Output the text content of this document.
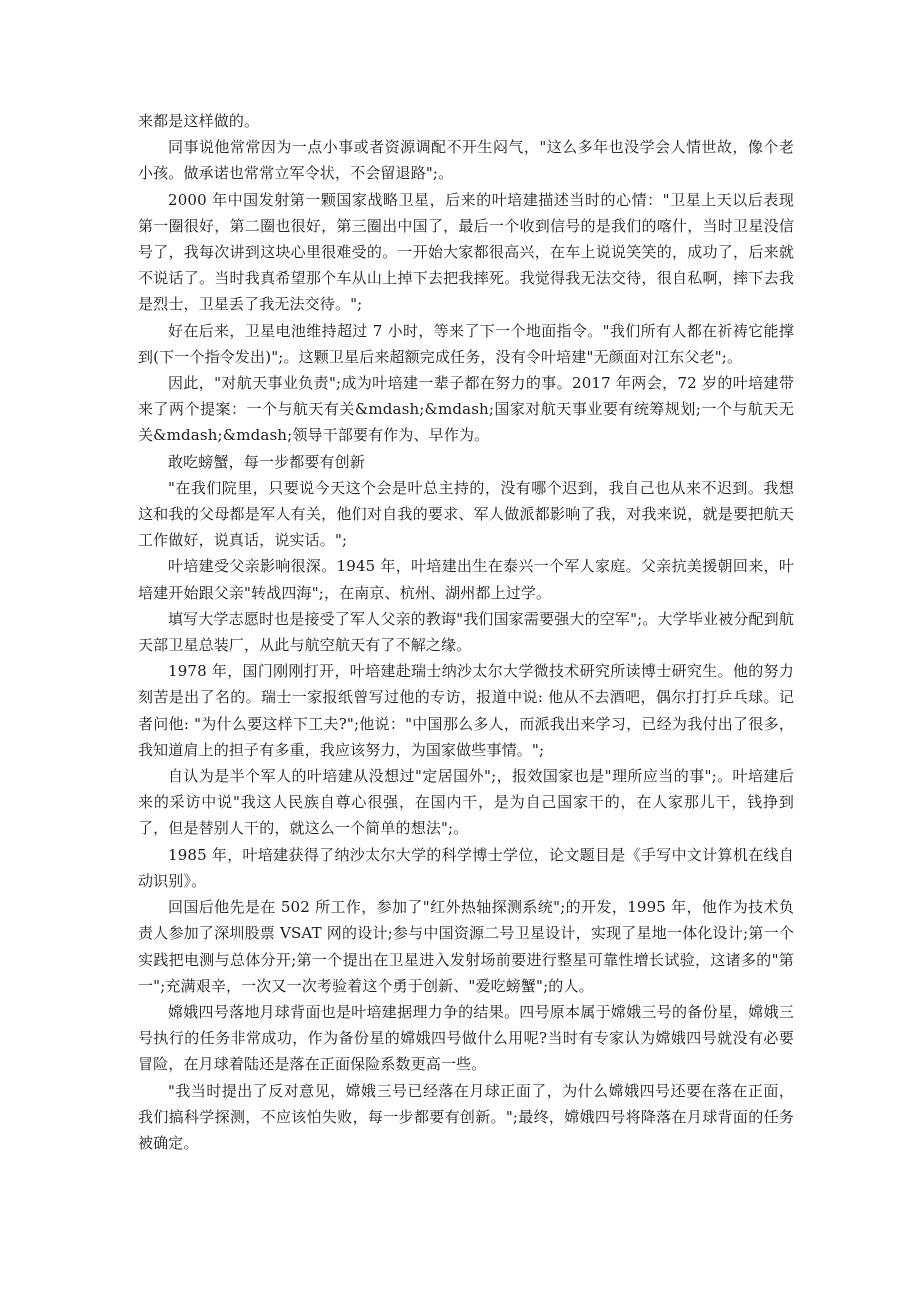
来都是这样做的。

同事说他常常因为一点小事或者资源调配不开生闷气，"这么多年也没学会人情世故，像个老小孩。做承诺也常常立军令状，不会留退路";。

2000 年中国发射第一颗国家战略卫星，后来的叶培建描述当时的心情："卫星上天以后表现第一圈很好，第二圈也很好，第三圈出中国了，最后一个收到信号的是我们的喀什，当时卫星没信号了，我每次讲到这块心里很难受的。一开始大家都很高兴，在车上说说笑笑的，成功了，后来就不说话了。当时我真希望那个车从山上掉下去把我摔死。我觉得我无法交待，很自私啊，摔下去我是烈士，卫星丢了我无法交待。";

好在后来，卫星电池维持超过 7 小时，等来了下一个地面指令。"我们所有人都在祈祷它能撑到(下一个指令发出)";。这颗卫星后来超额完成任务，没有令叶培建"无颜面对江东父老";。

因此，"对航天事业负责";成为叶培建一辈子都在努力的事。2017 年两会，72 岁的叶培建带来了两个提案：一个与航天有关&mdash;&mdash;国家对航天事业要有统筹规划;一个与航天无关&mdash;&mdash;领导干部要有作为、早作为。

敢吃螃蟹，每一步都要有创新

"在我们院里，只要说今天这个会是叶总主持的，没有哪个迟到，我自己也从来不迟到。我想这和我的父母都是军人有关，他们对自我的要求、军人做派都影响了我，对我来说，就是要把航天工作做好，说真话，说实话。";

叶培建受父亲影响很深。1945 年，叶培建出生在泰兴一个军人家庭。父亲抗美援朝回来，叶培建开始跟父亲"转战四海";，在南京、杭州、湖州都上过学。

填写大学志愿时也是接受了军人父亲的教诲"我们国家需要强大的空军";。大学毕业被分配到航天部卫星总装厂，从此与航空航天有了不解之缘。

1978 年，国门刚刚打开，叶培建赴瑞士纳沙太尔大学微技术研究所读博士研究生。他的努力刻苦是出了名的。瑞士一家报纸曾写过他的专访，报道中说: 他从不去酒吧，偶尔打打乒乓球。记者问他: "为什么要这样下工夫?";他说："中国那么多人，而派我出来学习，已经为我付出了很多，我知道肩上的担子有多重，我应该努力，为国家做些事情。";

自认为是半个军人的叶培建从没想过"定居国外";，报效国家也是"理所应当的事";。叶培建后来的采访中说"我这人民族自尊心很强，在国内干，是为自己国家干的，在人家那儿干，钱挣到了，但是替别人干的，就这么一个简单的想法";。

1985 年，叶培建获得了纳沙太尔大学的科学博士学位，论文题目是《手写中文计算机在线自动识别》。

回国后他先是在 502 所工作，参加了"红外热轴探测系统";的开发，1995 年，他作为技术负责人参加了深圳股票 VSAT 网的设计;参与中国资源二号卫星设计，实现了星地一体化设计;第一个实践把电测与总体分开;第一个提出在卫星进入发射场前要进行整星可靠性增长试验，这诸多的"第一";充满艰辛，一次又一次考验着这个勇于创新、"爱吃螃蟹";的人。

嫦娥四号落地月球背面也是叶培建据理力争的结果。四号原本属于嫦娥三号的备份星，嫦娥三号执行的任务非常成功，作为备份星的嫦娥四号做什么用呢?当时有专家认为嫦娥四号就没有必要冒险，在月球着陆还是落在正面保险系数更高一些。

"我当时提出了反对意见，嫦娥三号已经落在月球正面了，为什么嫦娥四号还要在落在正面，我们搞科学探测，不应该怕失败，每一步都要有创新。";最终，嫦娥四号将降落在月球背面的任务被确定。
